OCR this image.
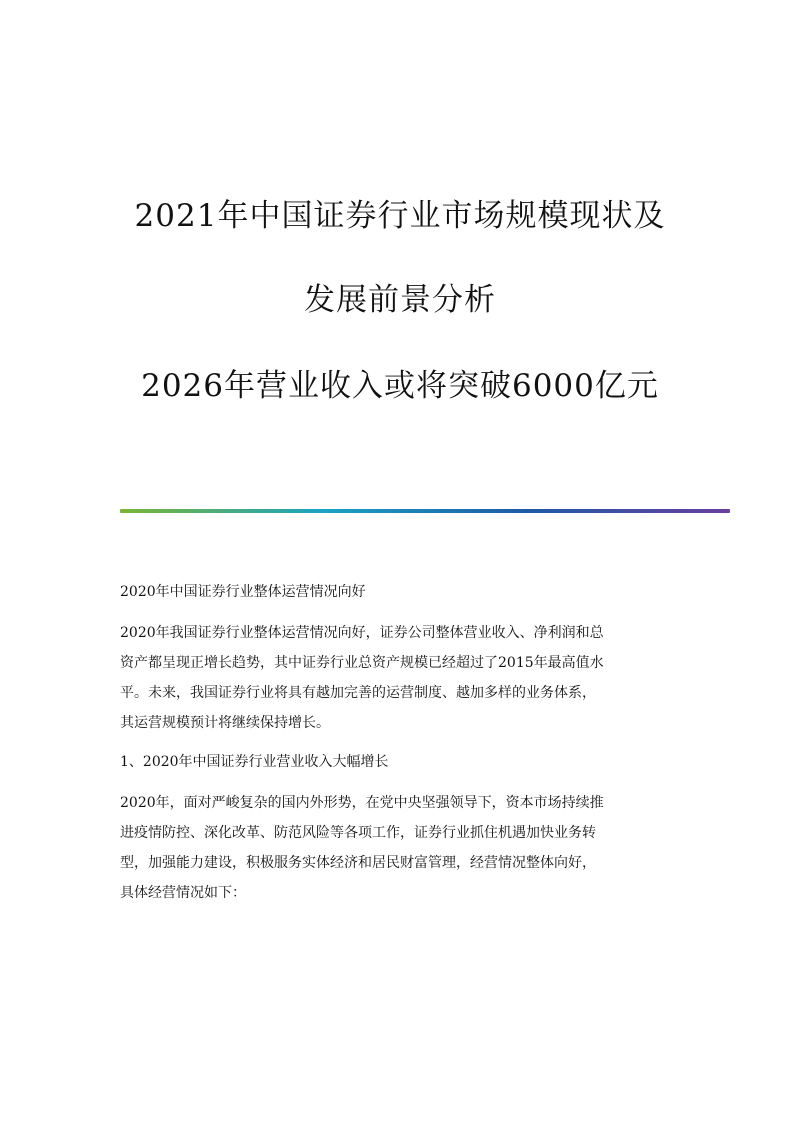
2021年中国证券行业市场规模现状及
发展前景分析
2026年营业收入或将突破6000亿元
2020年中国证券行业整体运营情况向好
2020年我国证券行业整体运营情况向好，证券公司整体营业收入、净利润和总
资产都呈现正增长趋势，其中证券行业总资产规模已经超过了2015年最高值水
平。未来，我国证券行业将具有越加完善的运营制度、越加多样的业务体系，
其运营规模预计将继续保持增长。
1、2020年中国证券行业营业收入大幅增长
2020年，面对严峻复杂的国内外形势，在党中央坚强领导下，资本市场持续推
进疫情防控、深化改革、防范风险等各项工作，证券行业抓住机遇加快业务转
型，加强能力建设，积极服务实体经济和居民财富管理，经营情况整体向好，
具体经营情况如下：
